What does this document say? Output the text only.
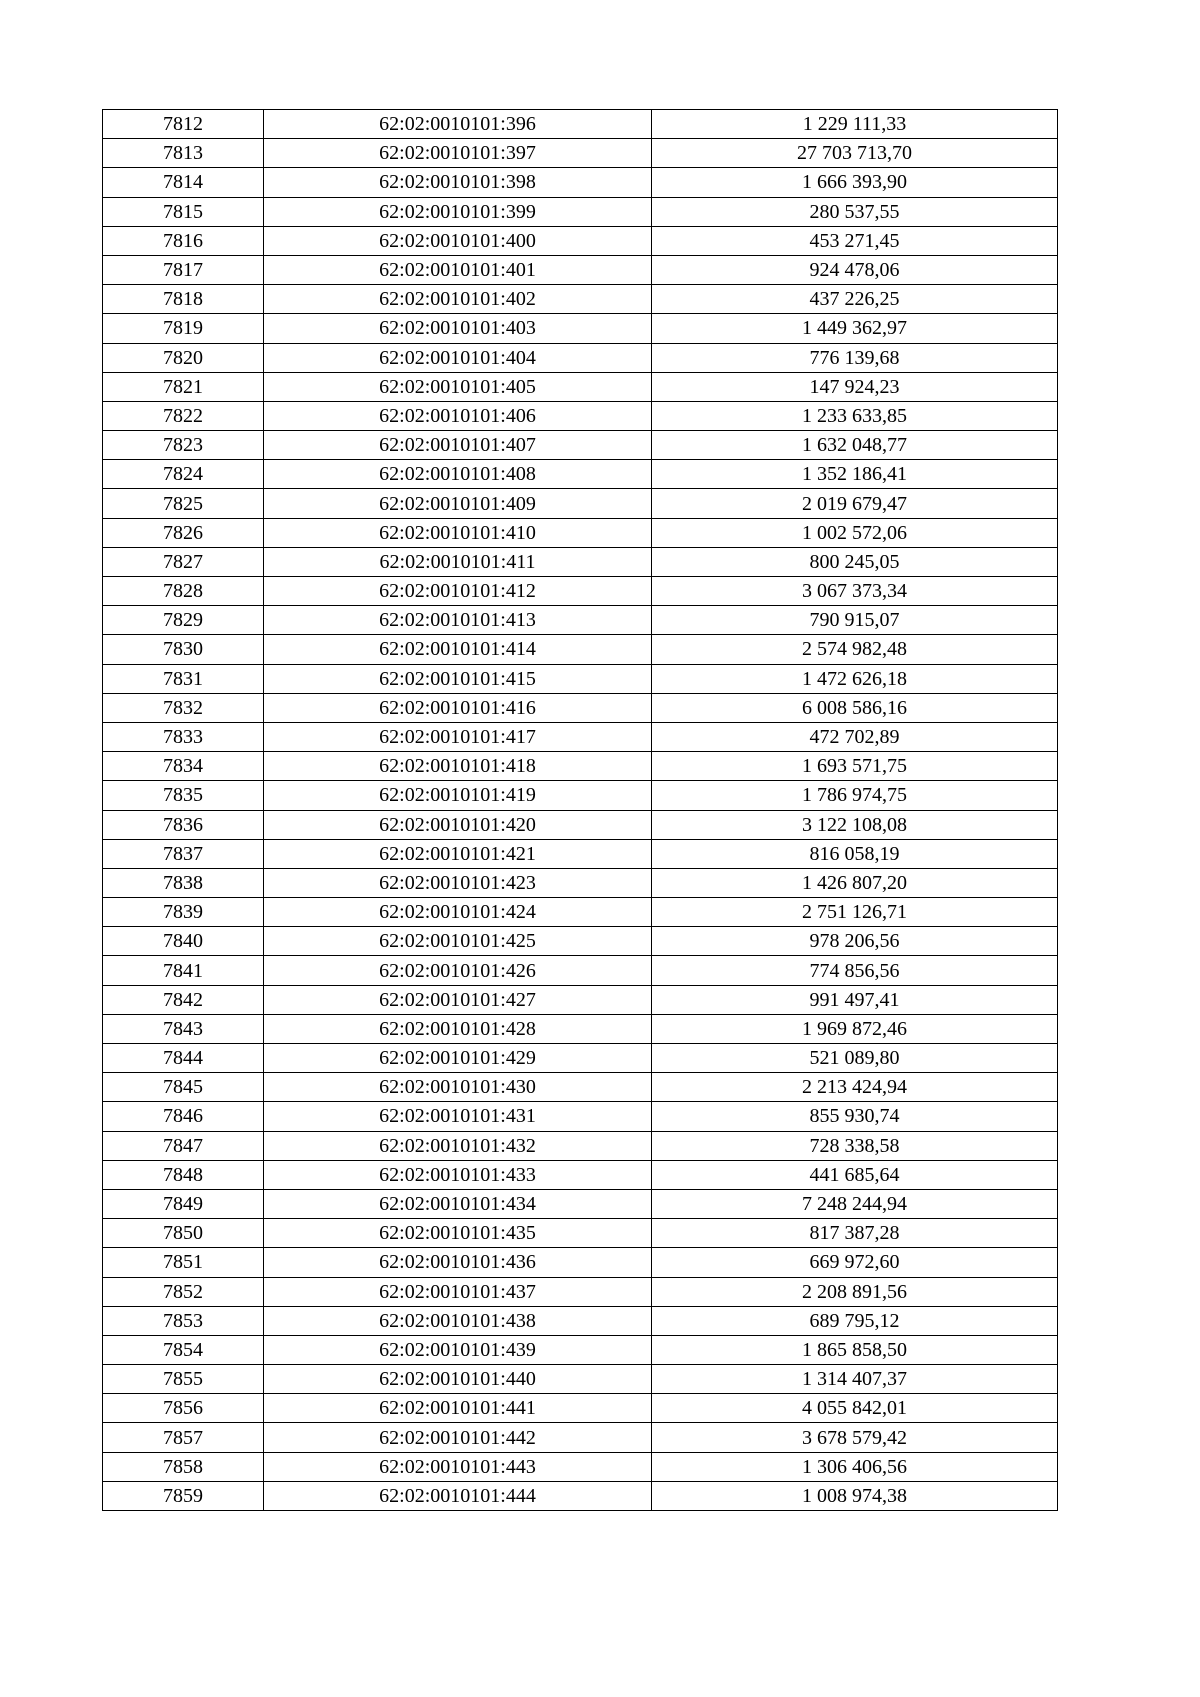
7812	62:02:0010101:396	1 229 111,33
7813	62:02:0010101:397	27 703 713,70
7814	62:02:0010101:398	1 666 393,90
7815	62:02:0010101:399	280 537,55
7816	62:02:0010101:400	453 271,45
7817	62:02:0010101:401	924 478,06
7818	62:02:0010101:402	437 226,25
7819	62:02:0010101:403	1 449 362,97
7820	62:02:0010101:404	776 139,68
7821	62:02:0010101:405	147 924,23
7822	62:02:0010101:406	1 233 633,85
7823	62:02:0010101:407	1 632 048,77
7824	62:02:0010101:408	1 352 186,41
7825	62:02:0010101:409	2 019 679,47
7826	62:02:0010101:410	1 002 572,06
7827	62:02:0010101:411	800 245,05
7828	62:02:0010101:412	3 067 373,34
7829	62:02:0010101:413	790 915,07
7830	62:02:0010101:414	2 574 982,48
7831	62:02:0010101:415	1 472 626,18
7832	62:02:0010101:416	6 008 586,16
7833	62:02:0010101:417	472 702,89
7834	62:02:0010101:418	1 693 571,75
7835	62:02:0010101:419	1 786 974,75
7836	62:02:0010101:420	3 122 108,08
7837	62:02:0010101:421	816 058,19
7838	62:02:0010101:423	1 426 807,20
7839	62:02:0010101:424	2 751 126,71
7840	62:02:0010101:425	978 206,56
7841	62:02:0010101:426	774 856,56
7842	62:02:0010101:427	991 497,41
7843	62:02:0010101:428	1 969 872,46
7844	62:02:0010101:429	521 089,80
7845	62:02:0010101:430	2 213 424,94
7846	62:02:0010101:431	855 930,74
7847	62:02:0010101:432	728 338,58
7848	62:02:0010101:433	441 685,64
7849	62:02:0010101:434	7 248 244,94
7850	62:02:0010101:435	817 387,28
7851	62:02:0010101:436	669 972,60
7852	62:02:0010101:437	2 208 891,56
7853	62:02:0010101:438	689 795,12
7854	62:02:0010101:439	1 865 858,50
7855	62:02:0010101:440	1 314 407,37
7856	62:02:0010101:441	4 055 842,01
7857	62:02:0010101:442	3 678 579,42
7858	62:02:0010101:443	1 306 406,56
7859	62:02:0010101:444	1 008 974,38
